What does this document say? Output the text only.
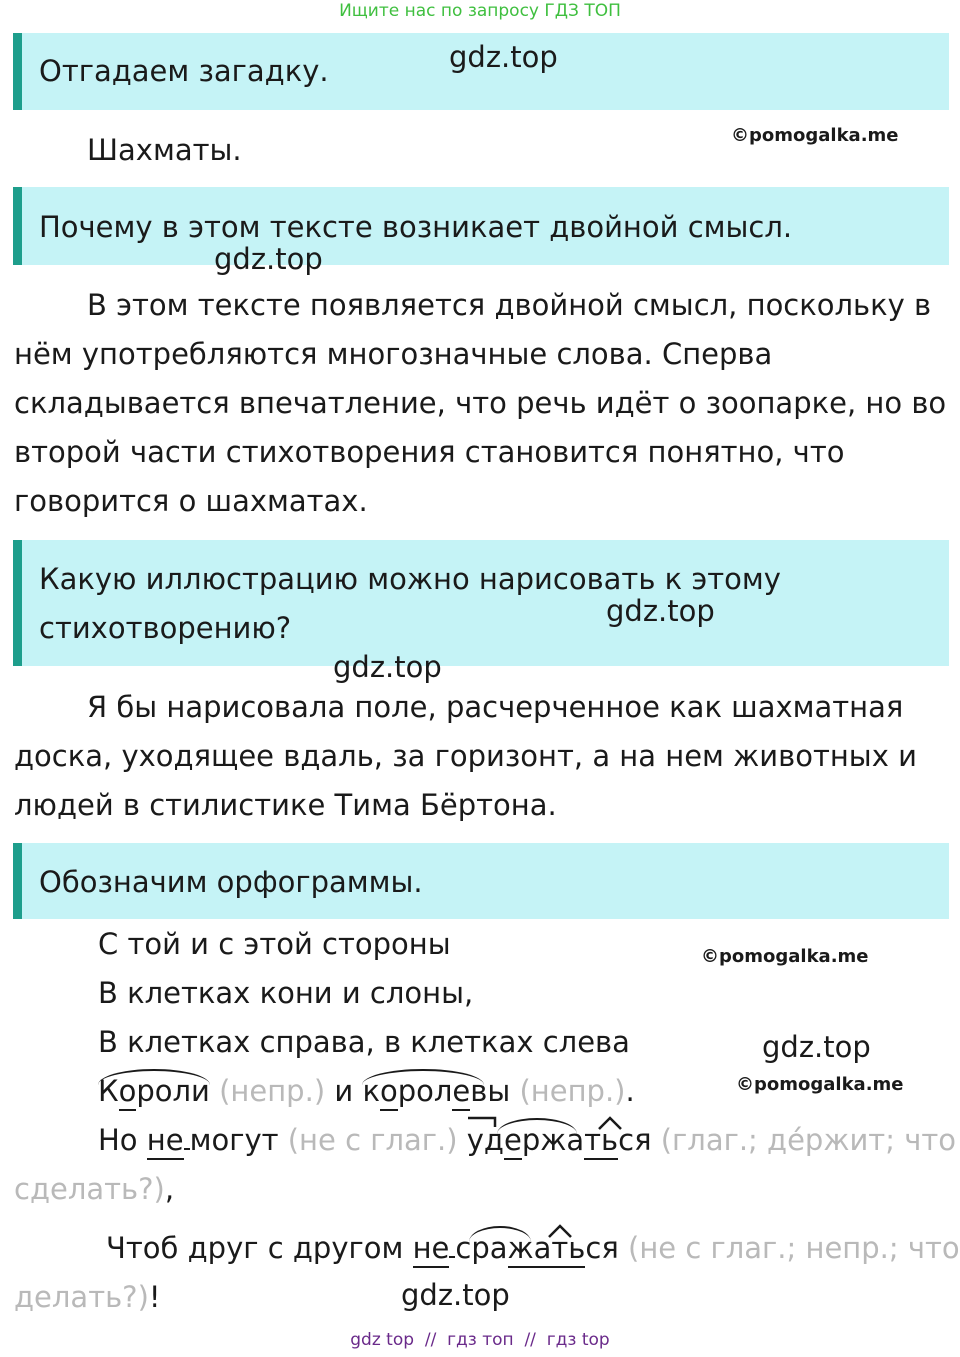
Ищите нас по запросу ГДЗ ТОП
Отгадаем загадку.	gdz.top
Шахматы.	©pomogalka.me
Почему в этом тексте возникает двойной смысл.
gdz.top
В этом тексте появляется двойной смысл, поскольку в
нём употребляются многозначные слова. Сперва
складывается впечатление, что речь идёт о зоопарке, но во
второй части стихотворения становится понятно, что
говорится о шахматах.
Какую иллюстрацию можно нарисовать к этому
стихотворению?	gdz.top
gdz.top
Я бы нарисовала поле, расчерченное как шахматная
доска, уходящее вдаль, за горизонт, а на нем животных и
людей в стилистике Тима Бёртона.
Обозначим орфограммы.
©pomogalka.me
gdz.top
©pomogalka.me
С той и с этой стороны
В клетках кони и слоны,
В клетках справа, в клетках слева
Короли (непр.) и королевы (непр.).
Но не могут (не с глаг.) удержаться (глаг.; де́ржит; что
сделать?),
Чтоб друг с другом не сражаться (не с глаг.; непр.; что
делать?)!	gdz.top
gdz top  //  гдз топ  //  гдз top
